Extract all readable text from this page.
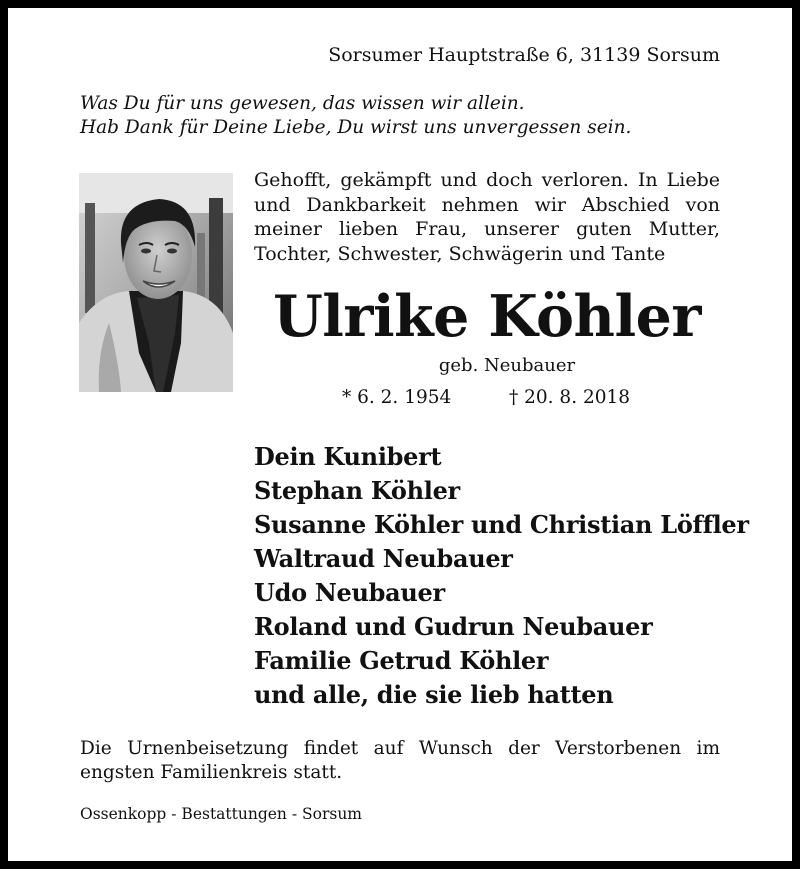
Sorsumer Hauptstraße 6, 31139 Sorsum
Was Du für uns gewesen, das wissen wir allein.
Hab Dank für Deine Liebe, Du wirst uns unvergessen sein.
Gehofft, gekämpft und doch verloren. In Liebe und Dankbarkeit nehmen wir Abschied von meiner lieben Frau, unserer guten Mutter, Tochter, Schwester, Schwägerin und Tante
Ulrike Köhler
geb. Neubauer
* 6. 2. 1954	† 20. 8. 2018
Dein Kunibert
Stephan Köhler
Susanne Köhler und Christian Löffler
Waltraud Neubauer
Udo Neubauer
Roland und Gudrun Neubauer
Familie Getrud Köhler
und alle, die sie lieb hatten
Die Urnenbeisetzung findet auf Wunsch der Verstorbenen im engsten Familienkreis statt.
Ossenkopp - Bestattungen - Sorsum
